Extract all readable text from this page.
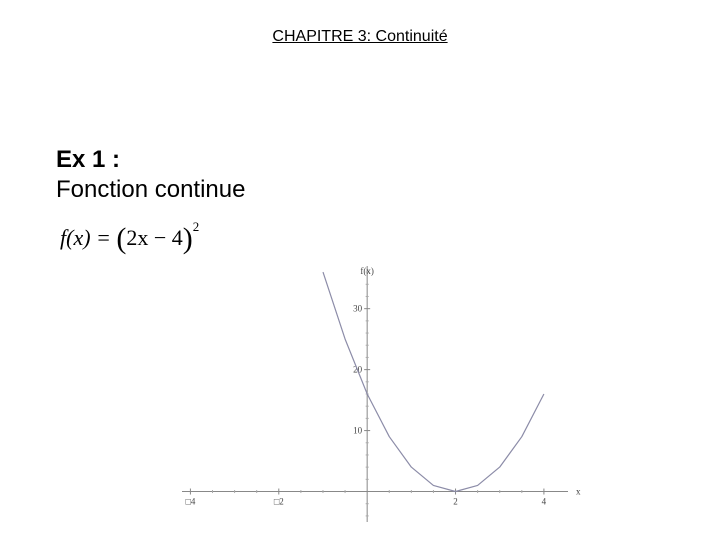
CHAPITRE 3: Continuité
Ex 1 :
Fonction continue
$f(x) = (2x - 4)^2$
□4	□2	2	4
10
20
30
x
f(x)
